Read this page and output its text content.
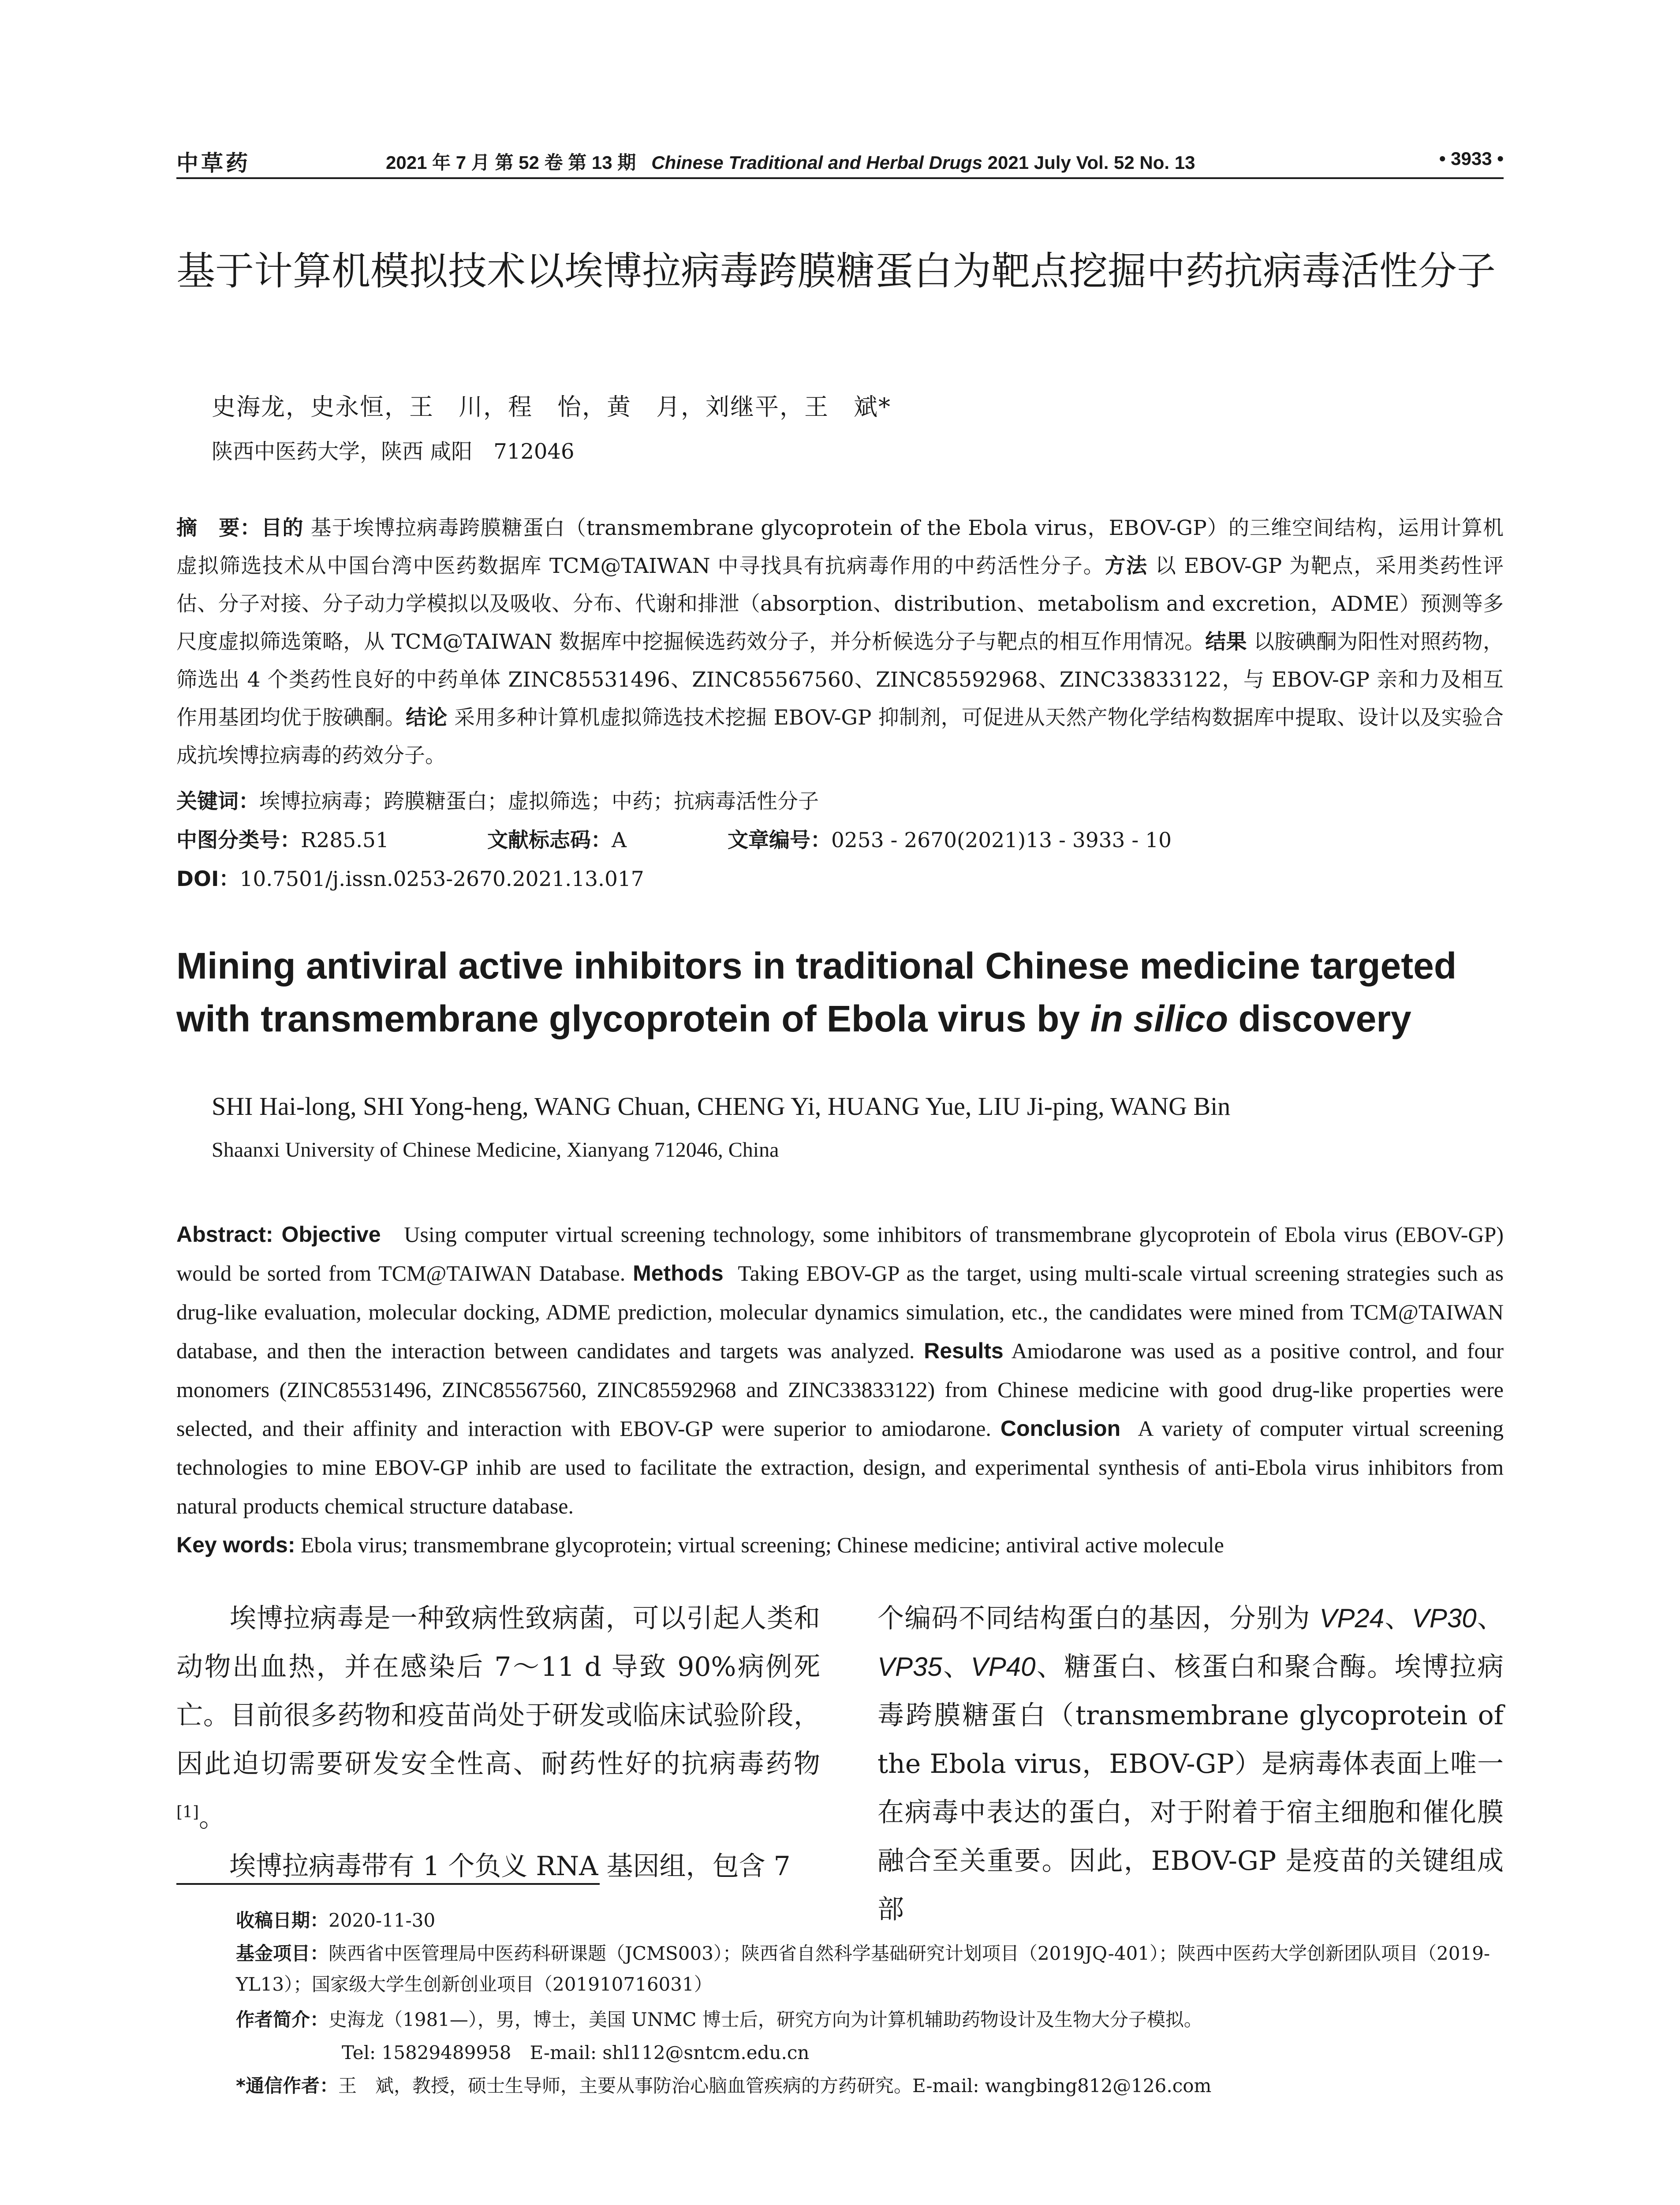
中草药	2021 年 7 月 第 52 卷 第 13 期 Chinese Traditional and Herbal Drugs 2021 July Vol. 52 No. 13	• 3933 •
基于计算机模拟技术以埃博拉病毒跨膜糖蛋白为靶点挖掘中药抗病毒活性分子
史海龙，史永恒，王　川，程　怡，黄　月，刘继平，王　斌*
陕西中医药大学，陕西 咸阳　712046
摘　要：目的 基于埃博拉病毒跨膜糖蛋白（transmembrane glycoprotein of the Ebola virus，EBOV-GP）的三维空间结构，运用计算机虚拟筛选技术从中国台湾中医药数据库 TCM@TAIWAN 中寻找具有抗病毒作用的中药活性分子。方法 以 EBOV-GP 为靶点，采用类药性评估、分子对接、分子动力学模拟以及吸收、分布、代谢和排泄（absorption、distribution、metabolism and excretion，ADME）预测等多尺度虚拟筛选策略，从 TCM@TAIWAN 数据库中挖掘候选药效分子，并分析候选分子与靶点的相互作用情况。结果 以胺碘酮为阳性对照药物，筛选出 4 个类药性良好的中药单体 ZINC85531496、ZINC85567560、ZINC85592968、ZINC33833122，与 EBOV-GP 亲和力及相互作用基团均优于胺碘酮。结论 采用多种计算机虚拟筛选技术挖掘 EBOV-GP 抑制剂，可促进从天然产物化学结构数据库中提取、设计以及实验合成抗埃博拉病毒的药效分子。
关键词：埃博拉病毒；跨膜糖蛋白；虚拟筛选；中药；抗病毒活性分子
中图分类号：R285.51	文献标志码：A	文章编号：0253 - 2670(2021)13 - 3933 - 10
DOI：10.7501/j.issn.0253-2670.2021.13.017
Mining antiviral active inhibitors in traditional Chinese medicine targeted with transmembrane glycoprotein of Ebola virus by in silico discovery
SHI Hai-long, SHI Yong-heng, WANG Chuan, CHENG Yi, HUANG Yue, LIU Ji-ping, WANG Bin
Shaanxi University of Chinese Medicine, Xianyang 712046, China
Abstract: Objective Using computer virtual screening technology, some inhibitors of transmembrane glycoprotein of Ebola virus (EBOV-GP) would be sorted from TCM@TAIWAN Database. Methods Taking EBOV-GP as the target, using multi-scale virtual screening strategies such as drug-like evaluation, molecular docking, ADME prediction, molecular dynamics simulation, etc., the candidates were mined from TCM@TAIWAN database, and then the interaction between candidates and targets was analyzed. Results Amiodarone was used as a positive control, and four monomers (ZINC85531496, ZINC85567560, ZINC85592968 and ZINC33833122) from Chinese medicine with good drug-like properties were selected, and their affinity and interaction with EBOV-GP were superior to amiodarone. Conclusion A variety of computer virtual screening technologies to mine EBOV-GP inhib are used to facilitate the extraction, design, and experimental synthesis of anti-Ebola virus inhibitors from natural products chemical structure database.
Key words: Ebola virus; transmembrane glycoprotein; virtual screening; Chinese medicine; antiviral active molecule
埃博拉病毒是一种致病性致病菌，可以引起人类和动物出血热，并在感染后 7～11 d 导致 90%病例死亡。目前很多药物和疫苗尚处于研发或临床试验阶段，因此迫切需要研发安全性高、耐药性好的抗病毒药物[1]。
埃博拉病毒带有 1 个负义 RNA 基因组，包含 7
个编码不同结构蛋白的基因，分别为 VP24、VP30、VP35、VP40、糖蛋白、核蛋白和聚合酶。埃博拉病毒跨膜糖蛋白（transmembrane glycoprotein of the Ebola virus，EBOV-GP）是病毒体表面上唯一在病毒中表达的蛋白，对于附着于宿主细胞和催化膜融合至关重要。因此，EBOV-GP 是疫苗的关键组成部
收稿日期：2020-11-30
基金项目：陕西省中医管理局中医药科研课题（JCMS003）；陕西省自然科学基础研究计划项目（2019JQ-401）；陕西中医药大学创新团队项目（2019-YL13）；国家级大学生创新创业项目（201910716031）
作者简介：史海龙（1981—），男，博士，美国 UNMC 博士后，研究方向为计算机辅助药物设计及生物大分子模拟。
Tel: 15829489958　E-mail: shl112@sntcm.edu.cn
*通信作者：王　斌，教授，硕士生导师，主要从事防治心脑血管疾病的方药研究。E-mail: wangbing812@126.com
